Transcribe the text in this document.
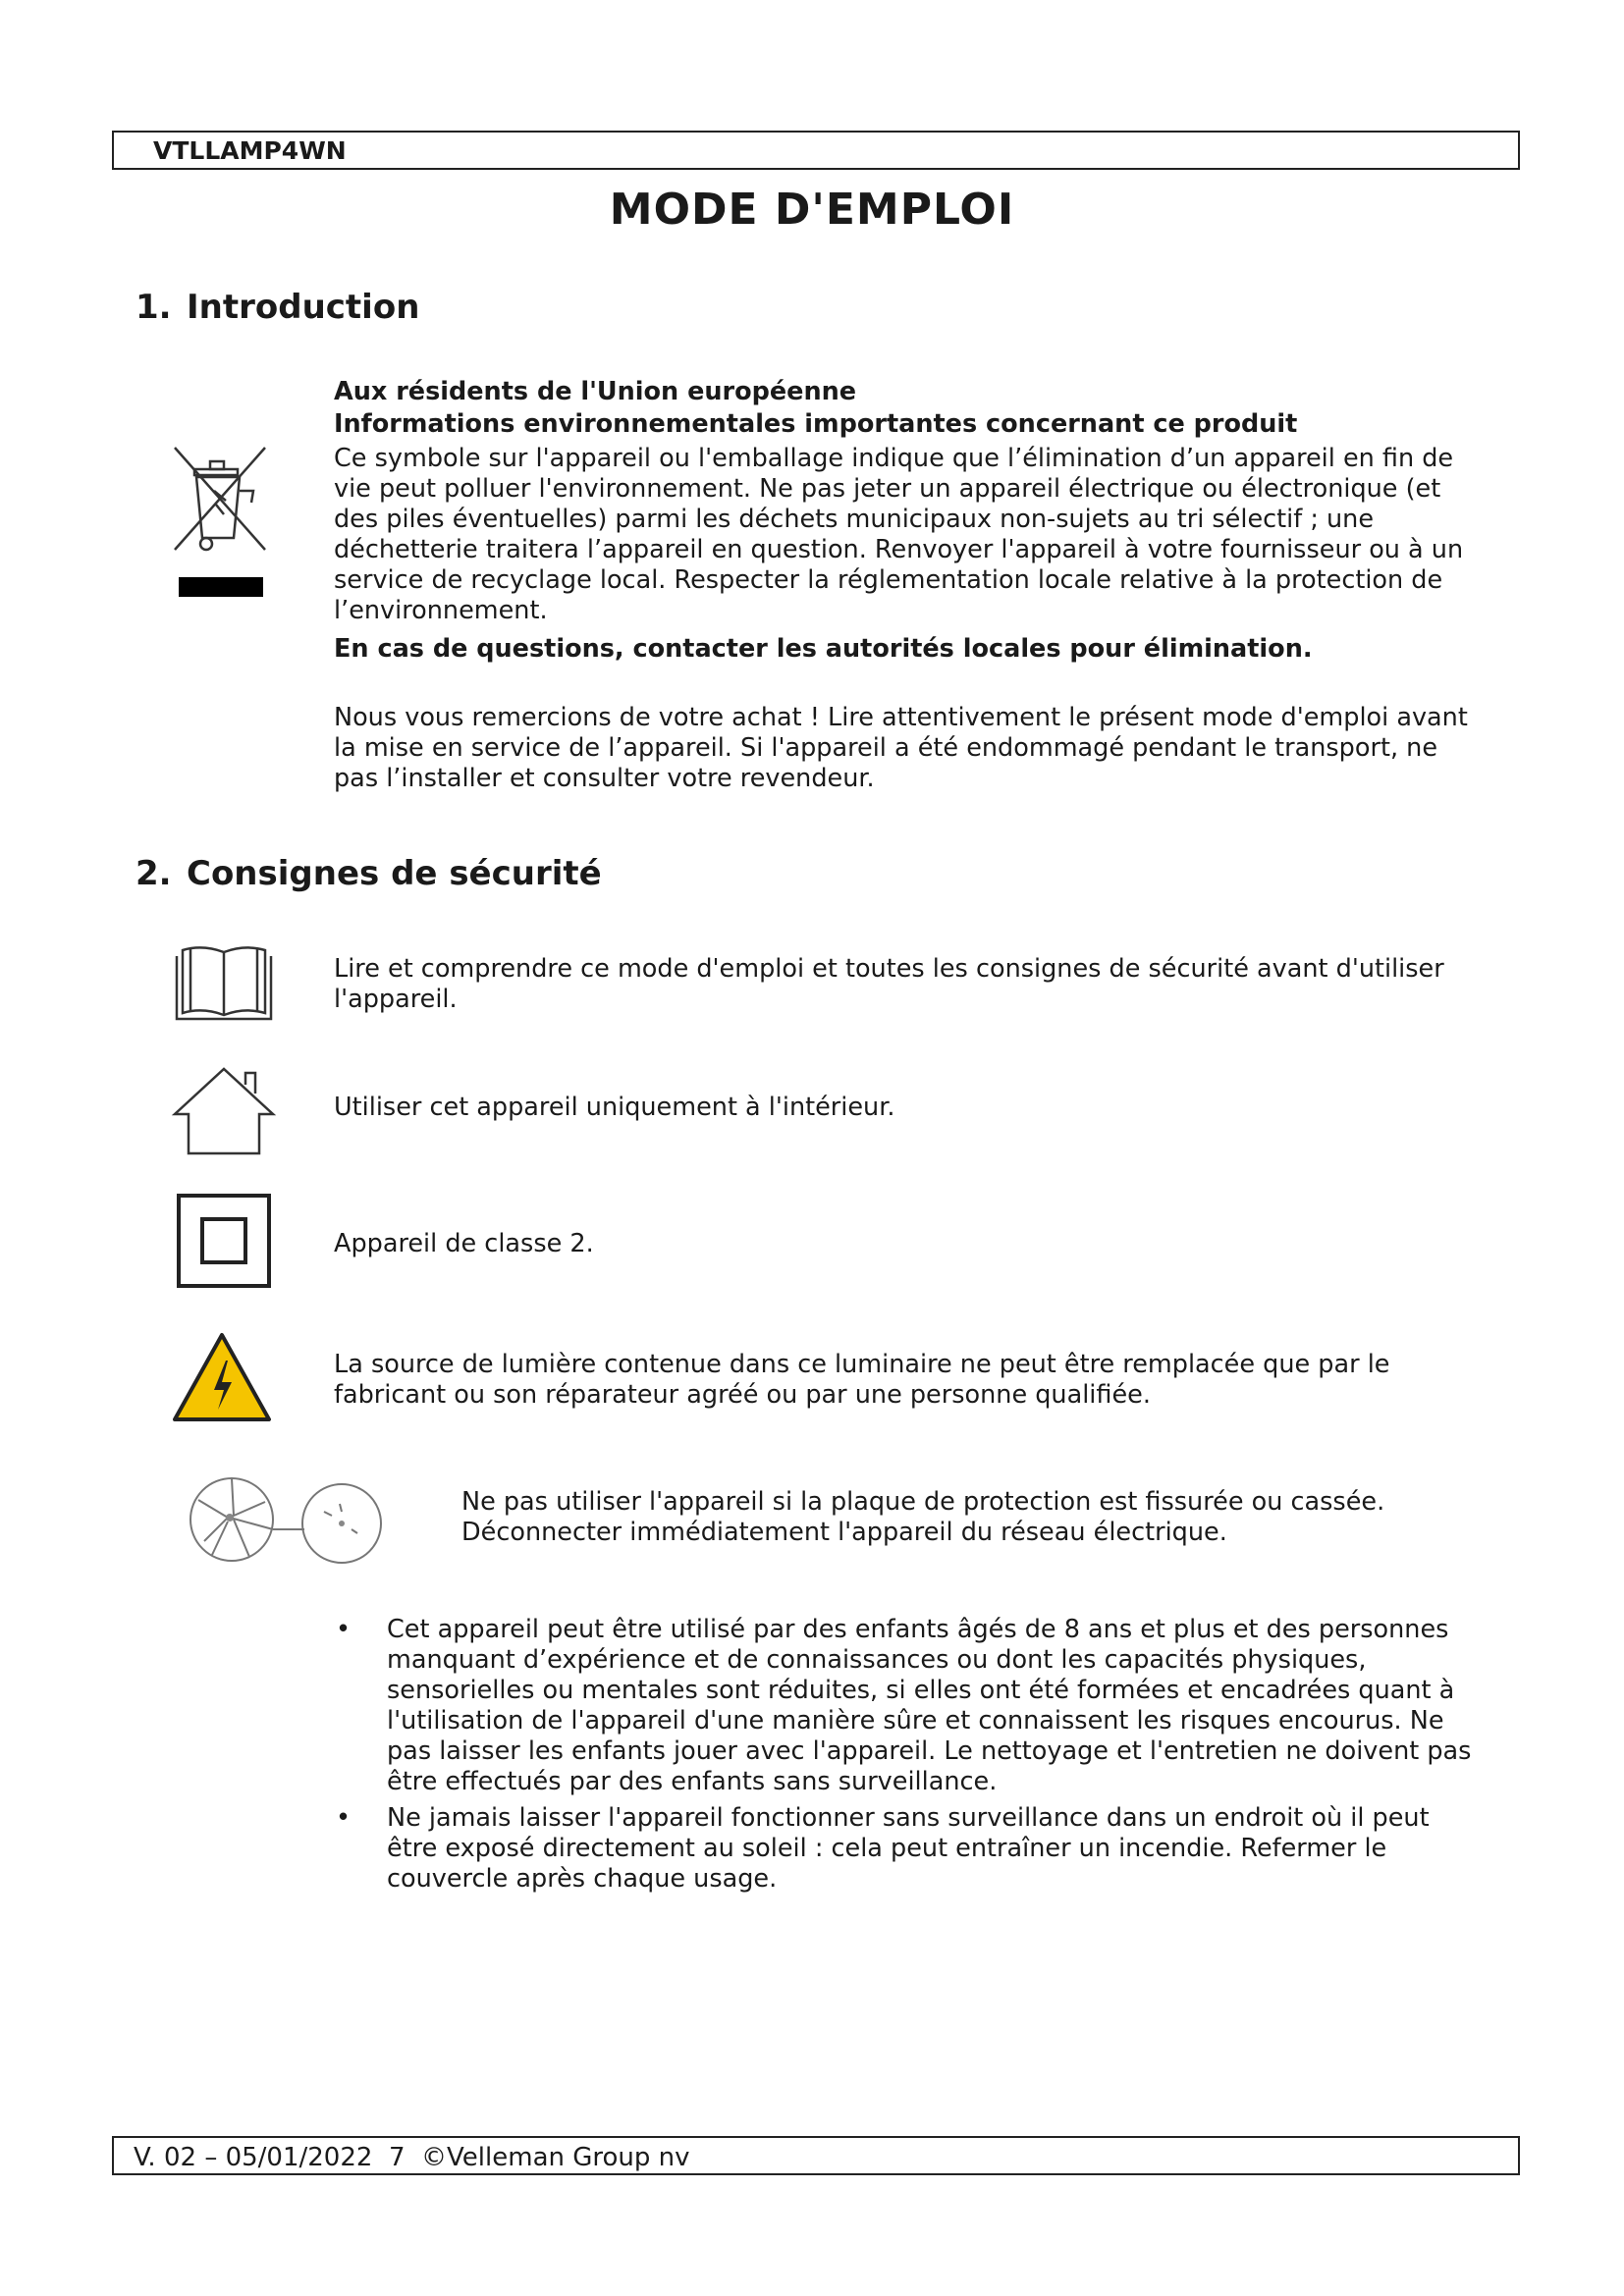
VTLLAMP4WN
MODE D'EMPLOI
1. Introduction

Aux résidents de l'Union européenne

Informations environnementales importantes concernant ce produit

Ce symbole sur l'appareil ou l'emballage indique que l’élimination d’un appareil en fin de vie peut polluer l'environnement. Ne pas jeter un appareil électrique ou électronique (et des piles éventuelles) parmi les déchets municipaux non-sujets au tri sélectif ; une déchetterie traitera l’appareil en question. Renvoyer l'appareil à votre fournisseur ou à un service de recyclage local. Respecter la réglementation locale relative à la protection de l’environnement.

En cas de questions, contacter les autorités locales pour élimination.

Nous vous remercions de votre achat ! Lire attentivement le présent mode d'emploi avant la mise en service de l’appareil. Si l'appareil a été endommagé pendant le transport, ne pas l’installer et consulter votre revendeur.

2. Consignes de sécurité

Lire et comprendre ce mode d'emploi et toutes les consignes de sécurité avant d'utiliser l'appareil.

Utiliser cet appareil uniquement à l'intérieur.

Appareil de classe 2.

La source de lumière contenue dans ce luminaire ne peut être remplacée que par le fabricant ou son réparateur agréé ou par une personne qualifiée.

Ne pas utiliser l'appareil si la plaque de protection est fissurée ou cassée. Déconnecter immédiatement l'appareil du réseau électrique.

• Cet appareil peut être utilisé par des enfants âgés de 8 ans et plus et des personnes manquant d’expérience et de connaissances ou dont les capacités physiques, sensorielles ou mentales sont réduites, si elles ont été formées et encadrées quant à l'utilisation de l'appareil d'une manière sûre et connaissent les risques encourus. Ne pas laisser les enfants jouer avec l'appareil. Le nettoyage et l'entretien ne doivent pas être effectués par des enfants sans surveillance.
• Ne jamais laisser l'appareil fonctionner sans surveillance dans un endroit où il peut être exposé directement au soleil : cela peut entraîner un incendie. Refermer le couvercle après chaque usage.
V. 02 – 05/01/2022  7  ©Velleman Group nv
